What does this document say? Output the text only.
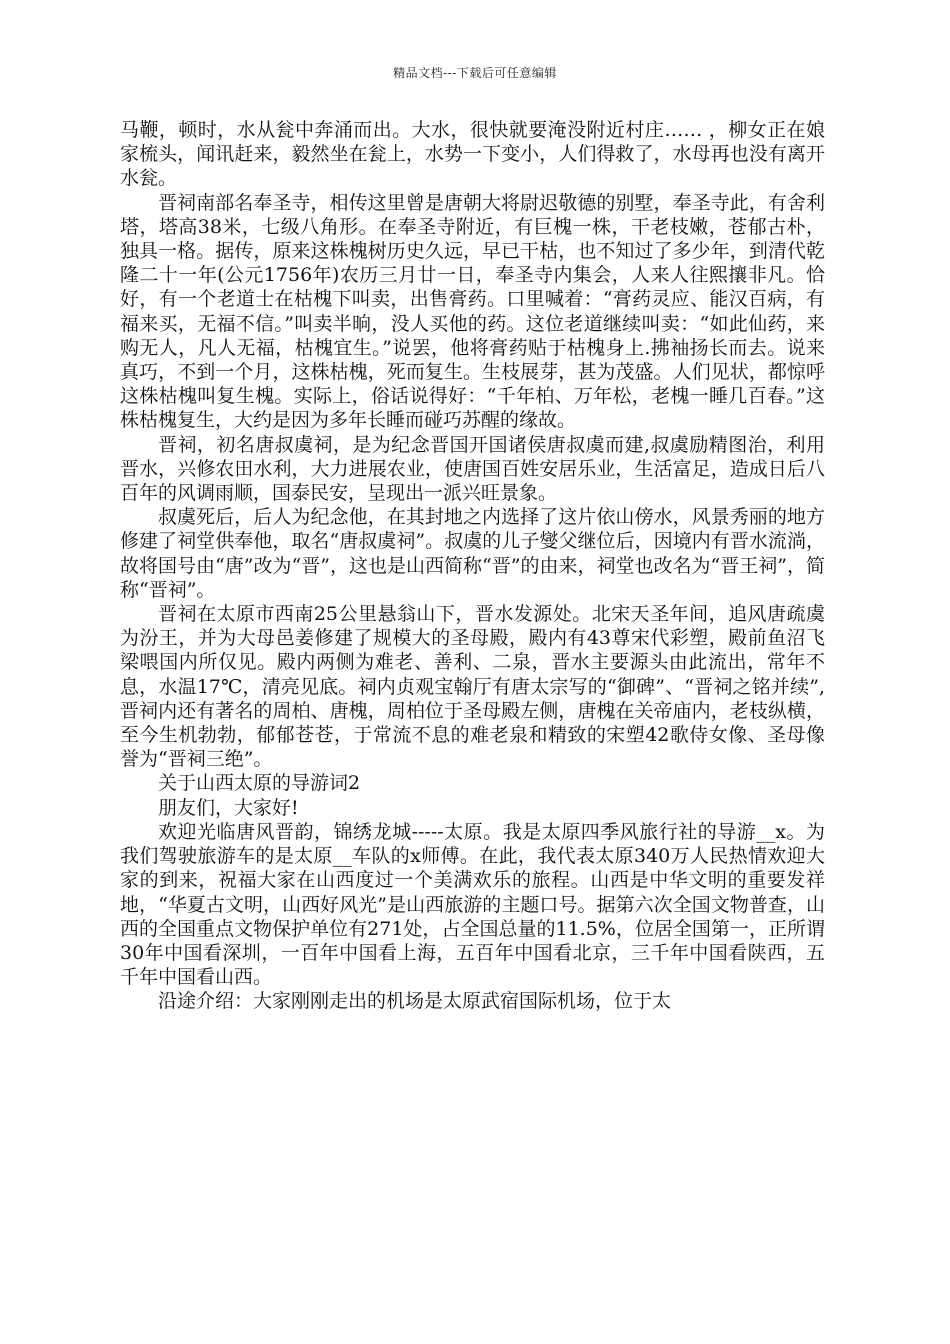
精品文档---下载后可任意编辑

马鞭，顿时，水从瓮中奔涌而出。大水，很快就要淹没附近村庄…… ，柳女正在娘家梳头，闻讯赶来，毅然坐在瓮上，水势一下变小，人们得救了，水母再也没有离开水瓮。

晋祠南部名奉圣寺，相传这里曾是唐朝大将尉迟敬德的别墅，奉圣寺此，有舍利塔，塔高38米，七级八角形。在奉圣寺附近，有巨槐一株，干老枝嫩，苍郁古朴，独具一格。据传，原来这株槐树历史久远，早已干枯，也不知过了多少年，到清代乾隆二十一年(公元1756年)农历三月廿一日，奉圣寺内集会，人来人往熙攘非凡。恰好，有一个老道士在枯槐下叫卖，出售膏药。口里喊着：“膏药灵应、能汉百病，有福来买，无福不信。”叫卖半晌，没人买他的药。这位老道继续叫卖：“如此仙药，来购无人，凡人无福，枯槐宜生。”说罢，他将膏药贴于枯槐身上.拂袖扬长而去。说来真巧，不到一个月，这株枯槐，死而复生。生枝展芽，甚为茂盛。人们见状，都惊呼这株枯槐叫复生槐。实际上，俗话说得好：“千年柏、万年松，老槐一睡几百春。”这株枯槐复生，大约是因为多年长睡而碰巧苏醒的缘故。

晋祠，初名唐叔虞祠，是为纪念晋国开国诸侯唐叔虞而建,叔虞励精图治，利用晋水，兴修农田水利，大力进展农业，使唐国百姓安居乐业，生活富足，造成日后八百年的风调雨顺，国泰民安，呈现出一派兴旺景象。

叔虞死后，后人为纪念他，在其封地之内选择了这片依山傍水，风景秀丽的地方修建了祠堂供奉他，取名“唐叔虞祠”。叔虞的儿子燮父继位后，因境内有晋水流淌，故将国号由“唐”改为“晋”，这也是山西简称“晋”的由来，祠堂也改名为“晋王祠”，简称“晋祠”。

晋祠在太原市西南25公里悬翁山下，晋水发源处。北宋天圣年间，追风唐疏虞为汾王，并为大母邑姜修建了规模大的圣母殿，殿内有43尊宋代彩塑，殿前鱼沼飞梁喂国内所仅见。殿内两侧为难老、善利、二泉，晋水主要源头由此流出，常年不息，水温17℃，清亮见底。祠内贞观宝翰厅有唐太宗写的“御碑”、“晋祠之铭并续”,晋祠内还有著名的周柏、唐槐，周柏位于圣母殿左侧，唐槐在关帝庙内，老枝纵横，至今生机勃勃，郁郁苍苍，于常流不息的难老泉和精致的宋塑42歌侍女像、圣母像誉为“晋祠三绝”。

关于山西太原的导游词2

朋友们，大家好!

欢迎光临唐风晋韵，锦绣龙城-----太原。我是太原四季风旅行社的导游__x。为我们驾驶旅游车的是太原__车队的x师傅。在此，我代表太原340万人民热情欢迎大家的到来，祝福大家在山西度过一个美满欢乐的旅程。山西是中华文明的重要发祥地，“华夏古文明，山西好风光”是山西旅游的主题口号。据第六次全国文物普查，山西的全国重点文物保护单位有271处，占全国总量的11.5%，位居全国第一，正所谓30年中国看深圳，一百年中国看上海，五百年中国看北京，三千年中国看陕西，五千年中国看山西。

沿途介绍：大家刚刚走出的机场是太原武宿国际机场，位于太
